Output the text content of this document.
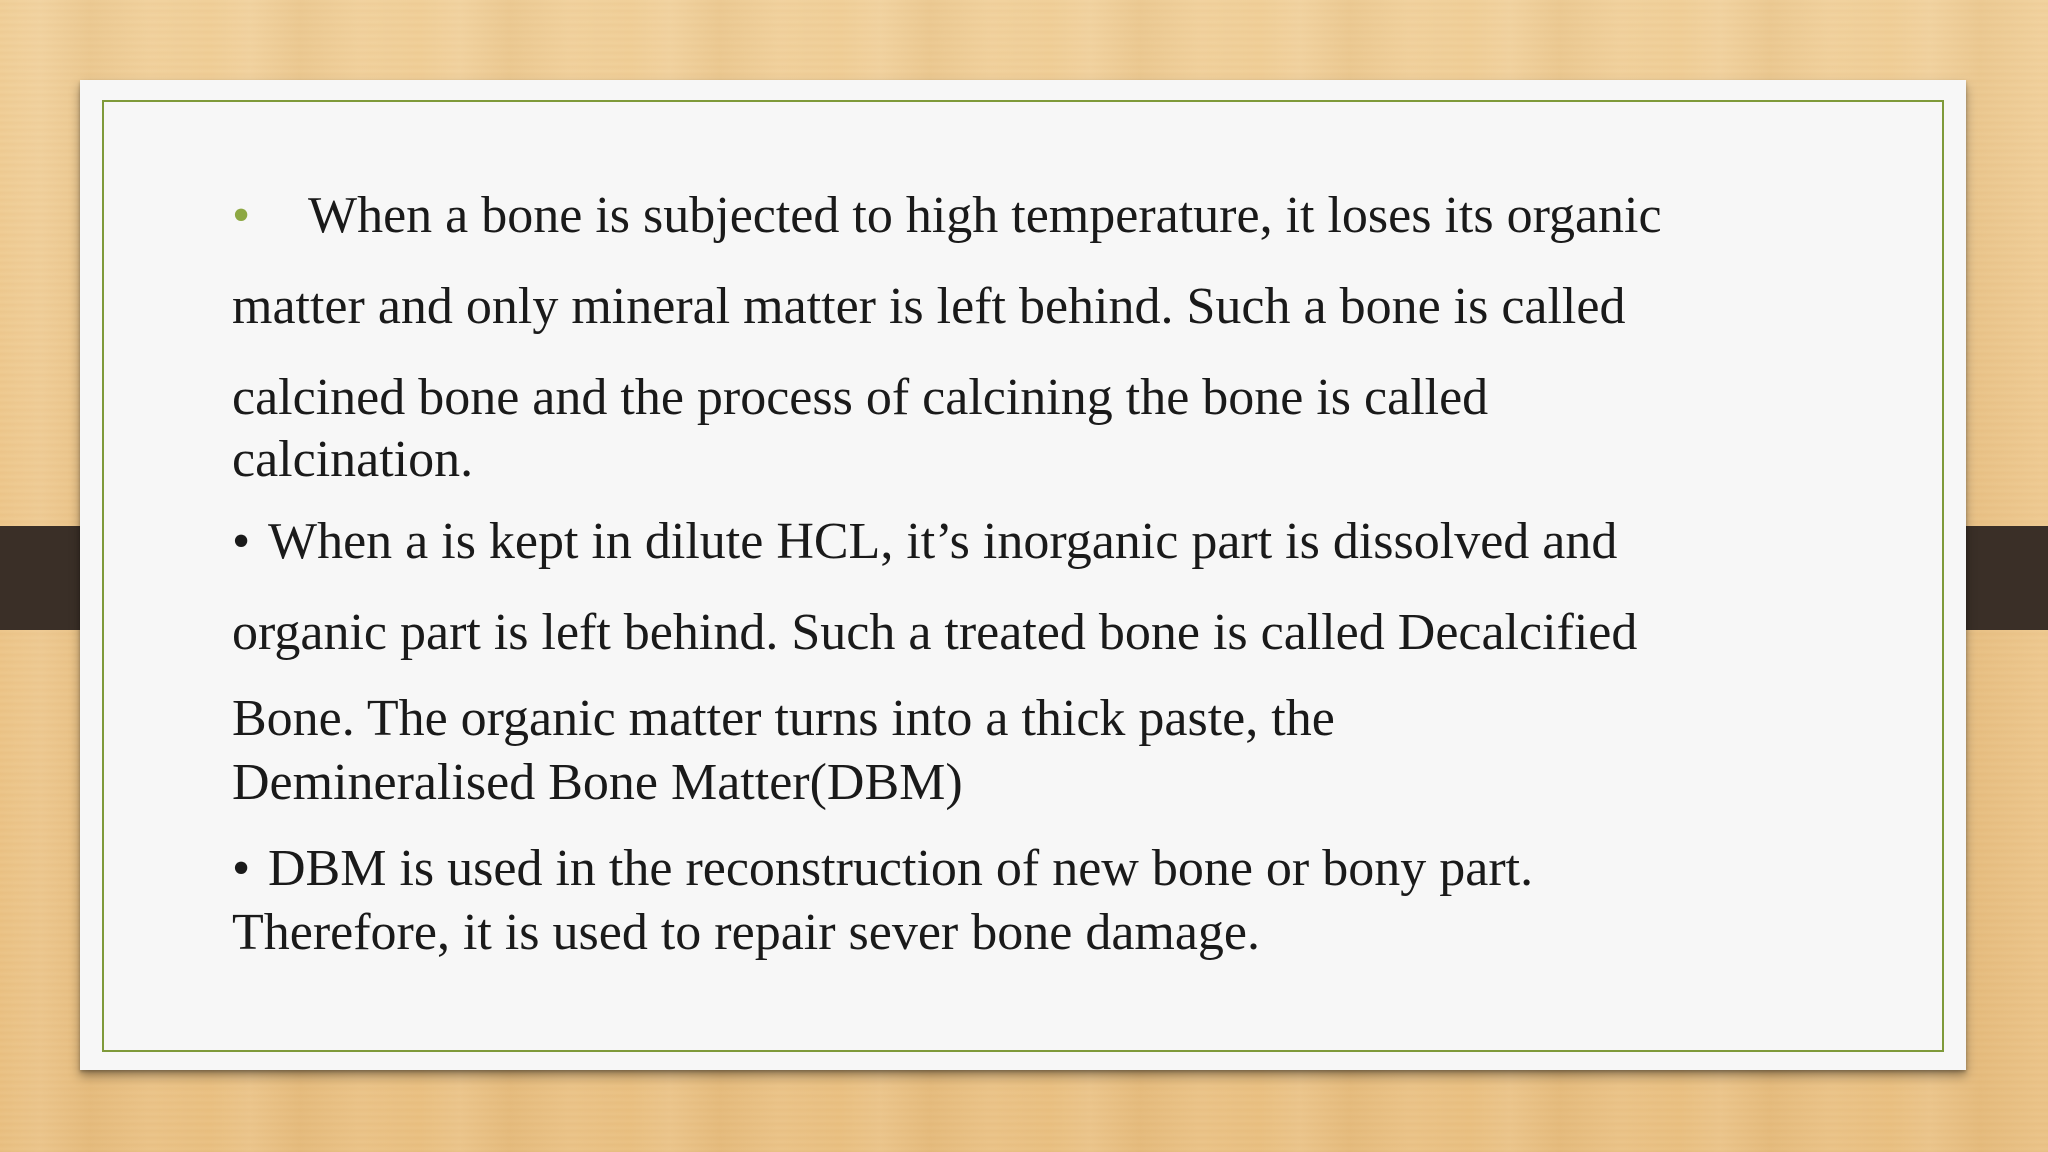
• When a bone is subjected to high temperature, it loses its organic
matter and only mineral matter is left behind. Such a bone is called
calcined bone and the process of calcining the bone is called
calcination.

• When a is kept in dilute HCL, it’s inorganic part is dissolved and
organic part is left behind. Such a treated bone is called Decalcified
Bone. The organic matter turns into a thick paste, the
Demineralised Bone Matter(DBM)

• DBM is used in the reconstruction of new bone or bony part.
Therefore, it is used to repair sever bone damage.
